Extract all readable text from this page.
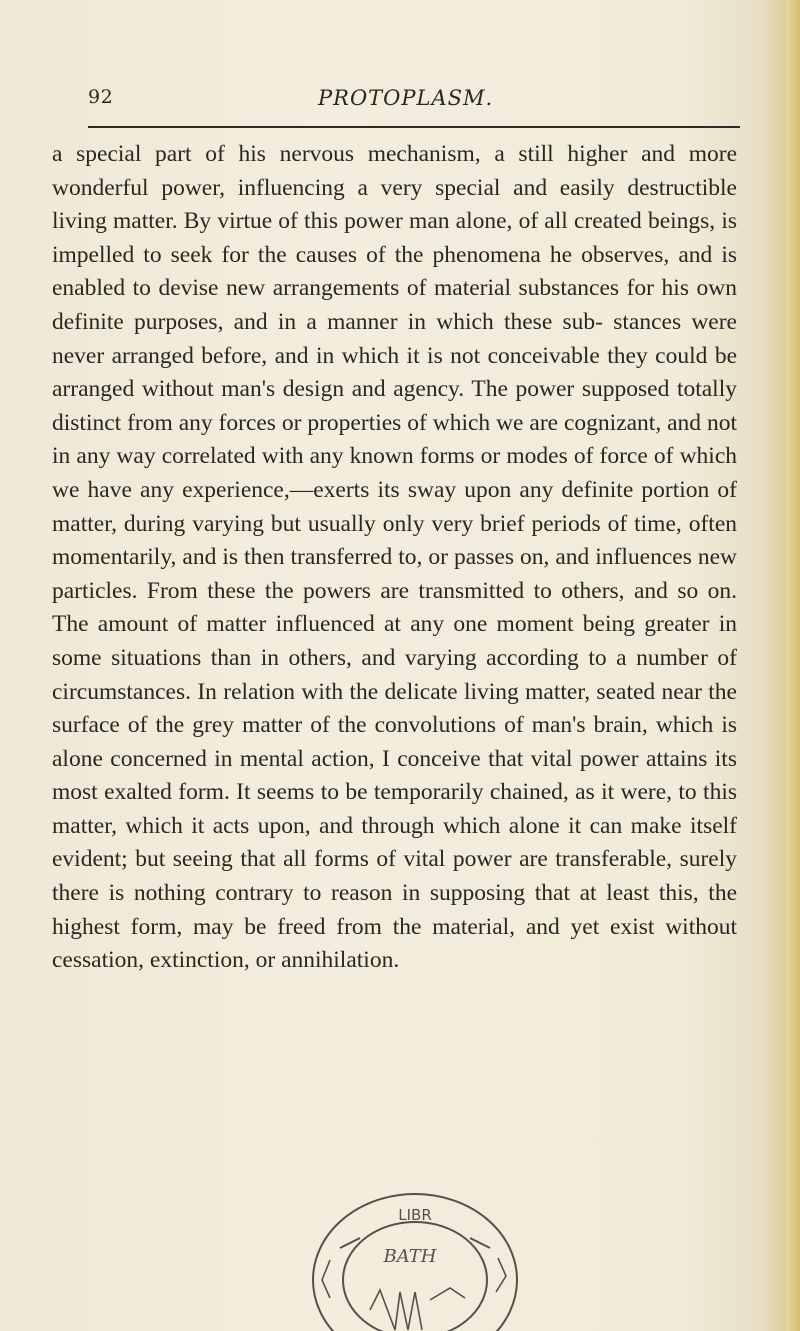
92	PROTOPLASM.

a special part of his nervous mechanism, a still higher and more wonderful power, influencing a very special and easily destructible living matter. By virtue of this power man alone, of all created beings, is impelled to seek for the causes of the phenomena he observes, and is enabled to devise new arrangements of material substances for his own definite purposes, and in a manner in which these sub- stances were never arranged before, and in which it is not conceivable they could be arranged without man's design and agency. The power supposed totally distinct from any forces or properties of which we are cognizant, and not in any way correlated with any known forms or modes of force of which we have any experience,—exerts its sway upon any definite portion of matter, during varying but usually only very brief periods of time, often momentarily, and is then transferred to, or passes on, and influences new particles. From these the powers are transmitted to others, and so on. The amount of matter influenced at any one moment being greater in some situations than in others, and varying according to a number of circumstances. In relation with the delicate living matter, seated near the surface of the grey matter of the convolutions of man's brain, which is alone concerned in mental action, I conceive that vital power attains its most exalted form. It seems to be temporarily chained, as it were, to this matter, which it acts upon, and through which alone it can make itself evident; but seeing that all forms of vital power are transferable, surely there is nothing contrary to reason in supposing that at least this, the highest form, may be freed from the material, and yet exist without cessation, extinction, or annihilation.

LIBR
BATH
